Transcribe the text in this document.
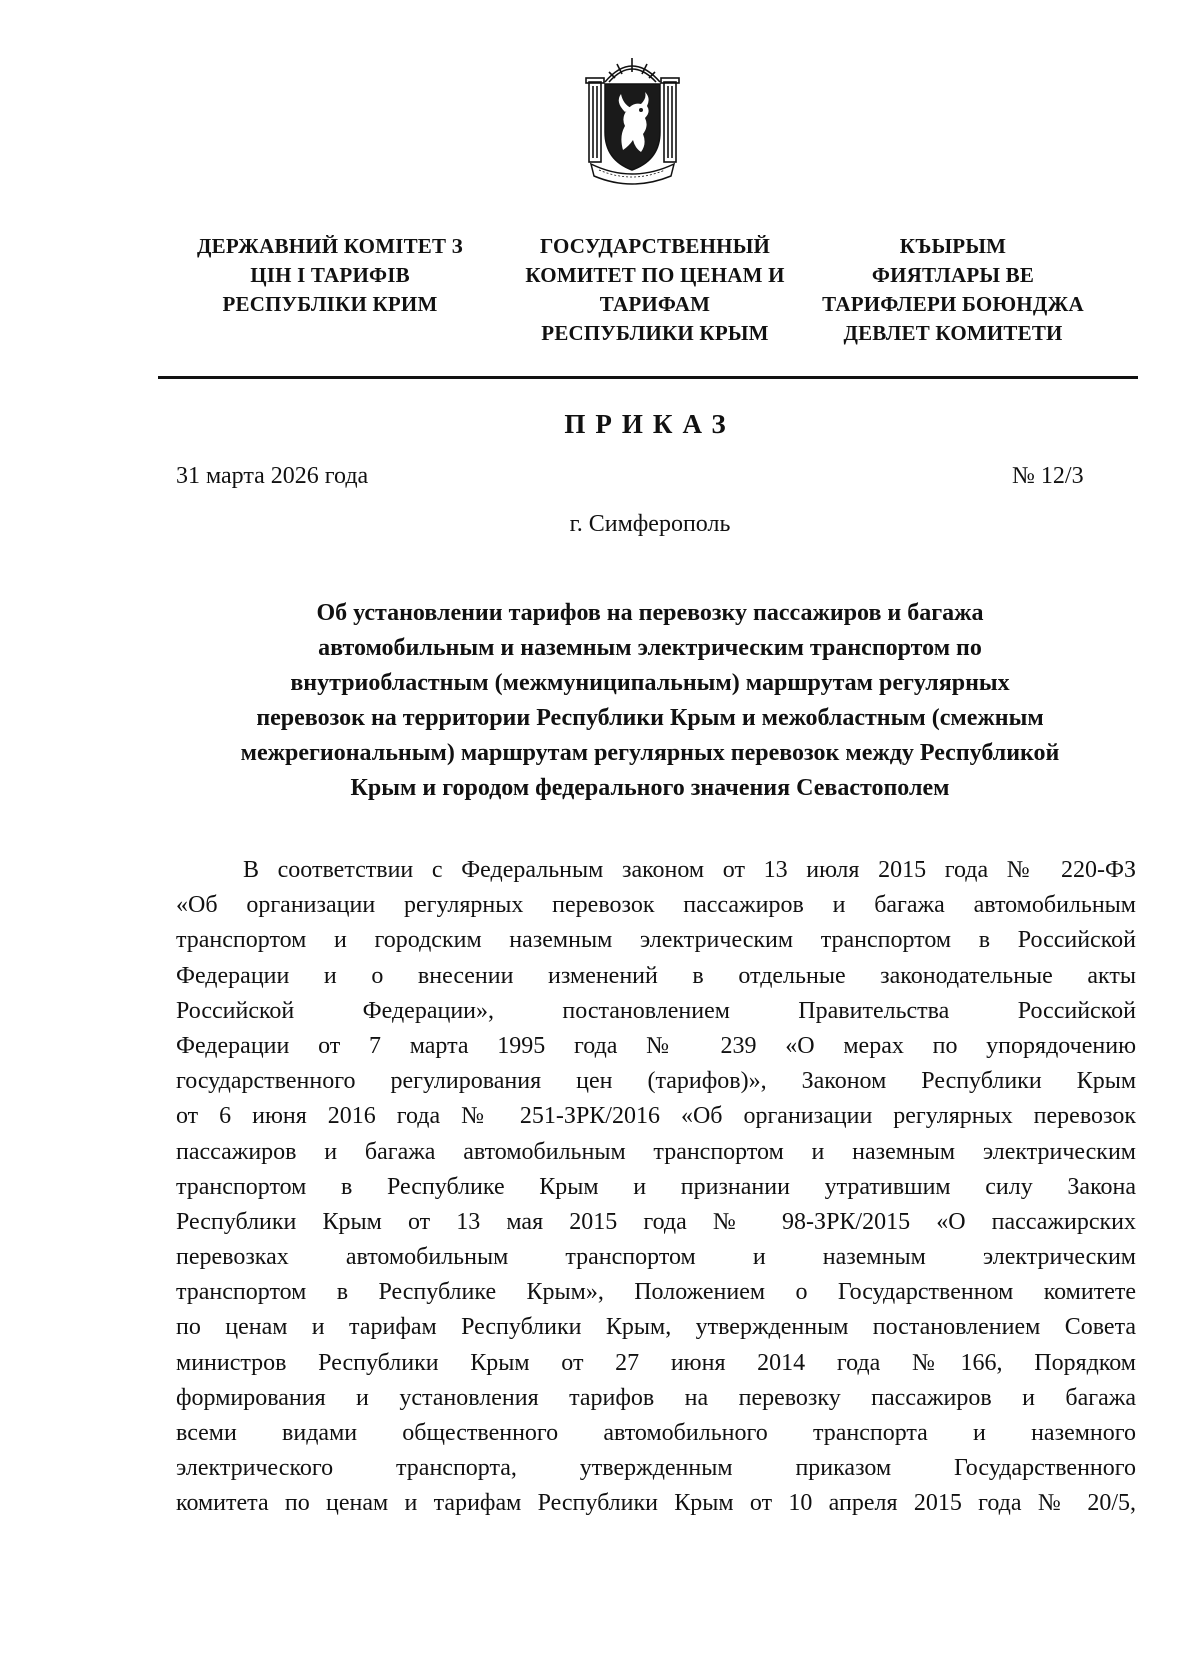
ДЕРЖАВНИЙ КОМІТЕТ З
ЦІН І ТАРИФІВ
РЕСПУБЛІКИ КРИМ
ГОСУДАРСТВЕННЫЙ
КОМИТЕТ ПО ЦЕНАМ И
ТАРИФАМ
РЕСПУБЛИКИ КРЫМ
КЪЫРЫМ
ФИЯТЛАРЫ ВЕ
ТАРИФЛЕРИ БОЮНДЖА
ДЕВЛЕТ КОМИТЕТИ
ПРИКАЗ
31 марта 2026 года	№ 12/3
г. Симферополь
Об установлении тарифов на перевозку пассажиров и багажа
автомобильным и наземным электрическим транспортом по
внутриобластным (межмуниципальным) маршрутам регулярных
перевозок на территории Республики Крым и межобластным (смежным
межрегиональным) маршрутам регулярных перевозок между Республикой
Крым и городом федерального значения Севастополем
В соответствии с Федеральным законом от 13 июля 2015 года № 220-ФЗ
«Об организации регулярных перевозок пассажиров и багажа автомобильным
транспортом и городским наземным электрическим транспортом в Российской
Федерации и о внесении изменений в отдельные законодательные акты
Российской Федерации», постановлением Правительства Российской
Федерации от 7 марта 1995 года № 239 «О мерах по упорядочению
государственного регулирования цен (тарифов)», Законом Республики Крым
от 6 июня 2016 года № 251-ЗРК/2016 «Об организации регулярных перевозок
пассажиров и багажа автомобильным транспортом и наземным электрическим
транспортом в Республике Крым и признании утратившим силу Закона
Республики Крым от 13 мая 2015 года № 98-ЗРК/2015 «О пассажирских
перевозках автомобильным транспортом и наземным электрическим
транспортом в Республике Крым», Положением о Государственном комитете
по ценам и тарифам Республики Крым, утвержденным постановлением Совета
министров Республики Крым от 27 июня 2014 года №166, Порядком
формирования и установления тарифов на перевозку пассажиров и багажа
всеми видами общественного автомобильного транспорта и наземного
электрического транспорта, утвержденным приказом Государственного
комитета по ценам и тарифам Республики Крым от 10 апреля 2015 года № 20/5,
